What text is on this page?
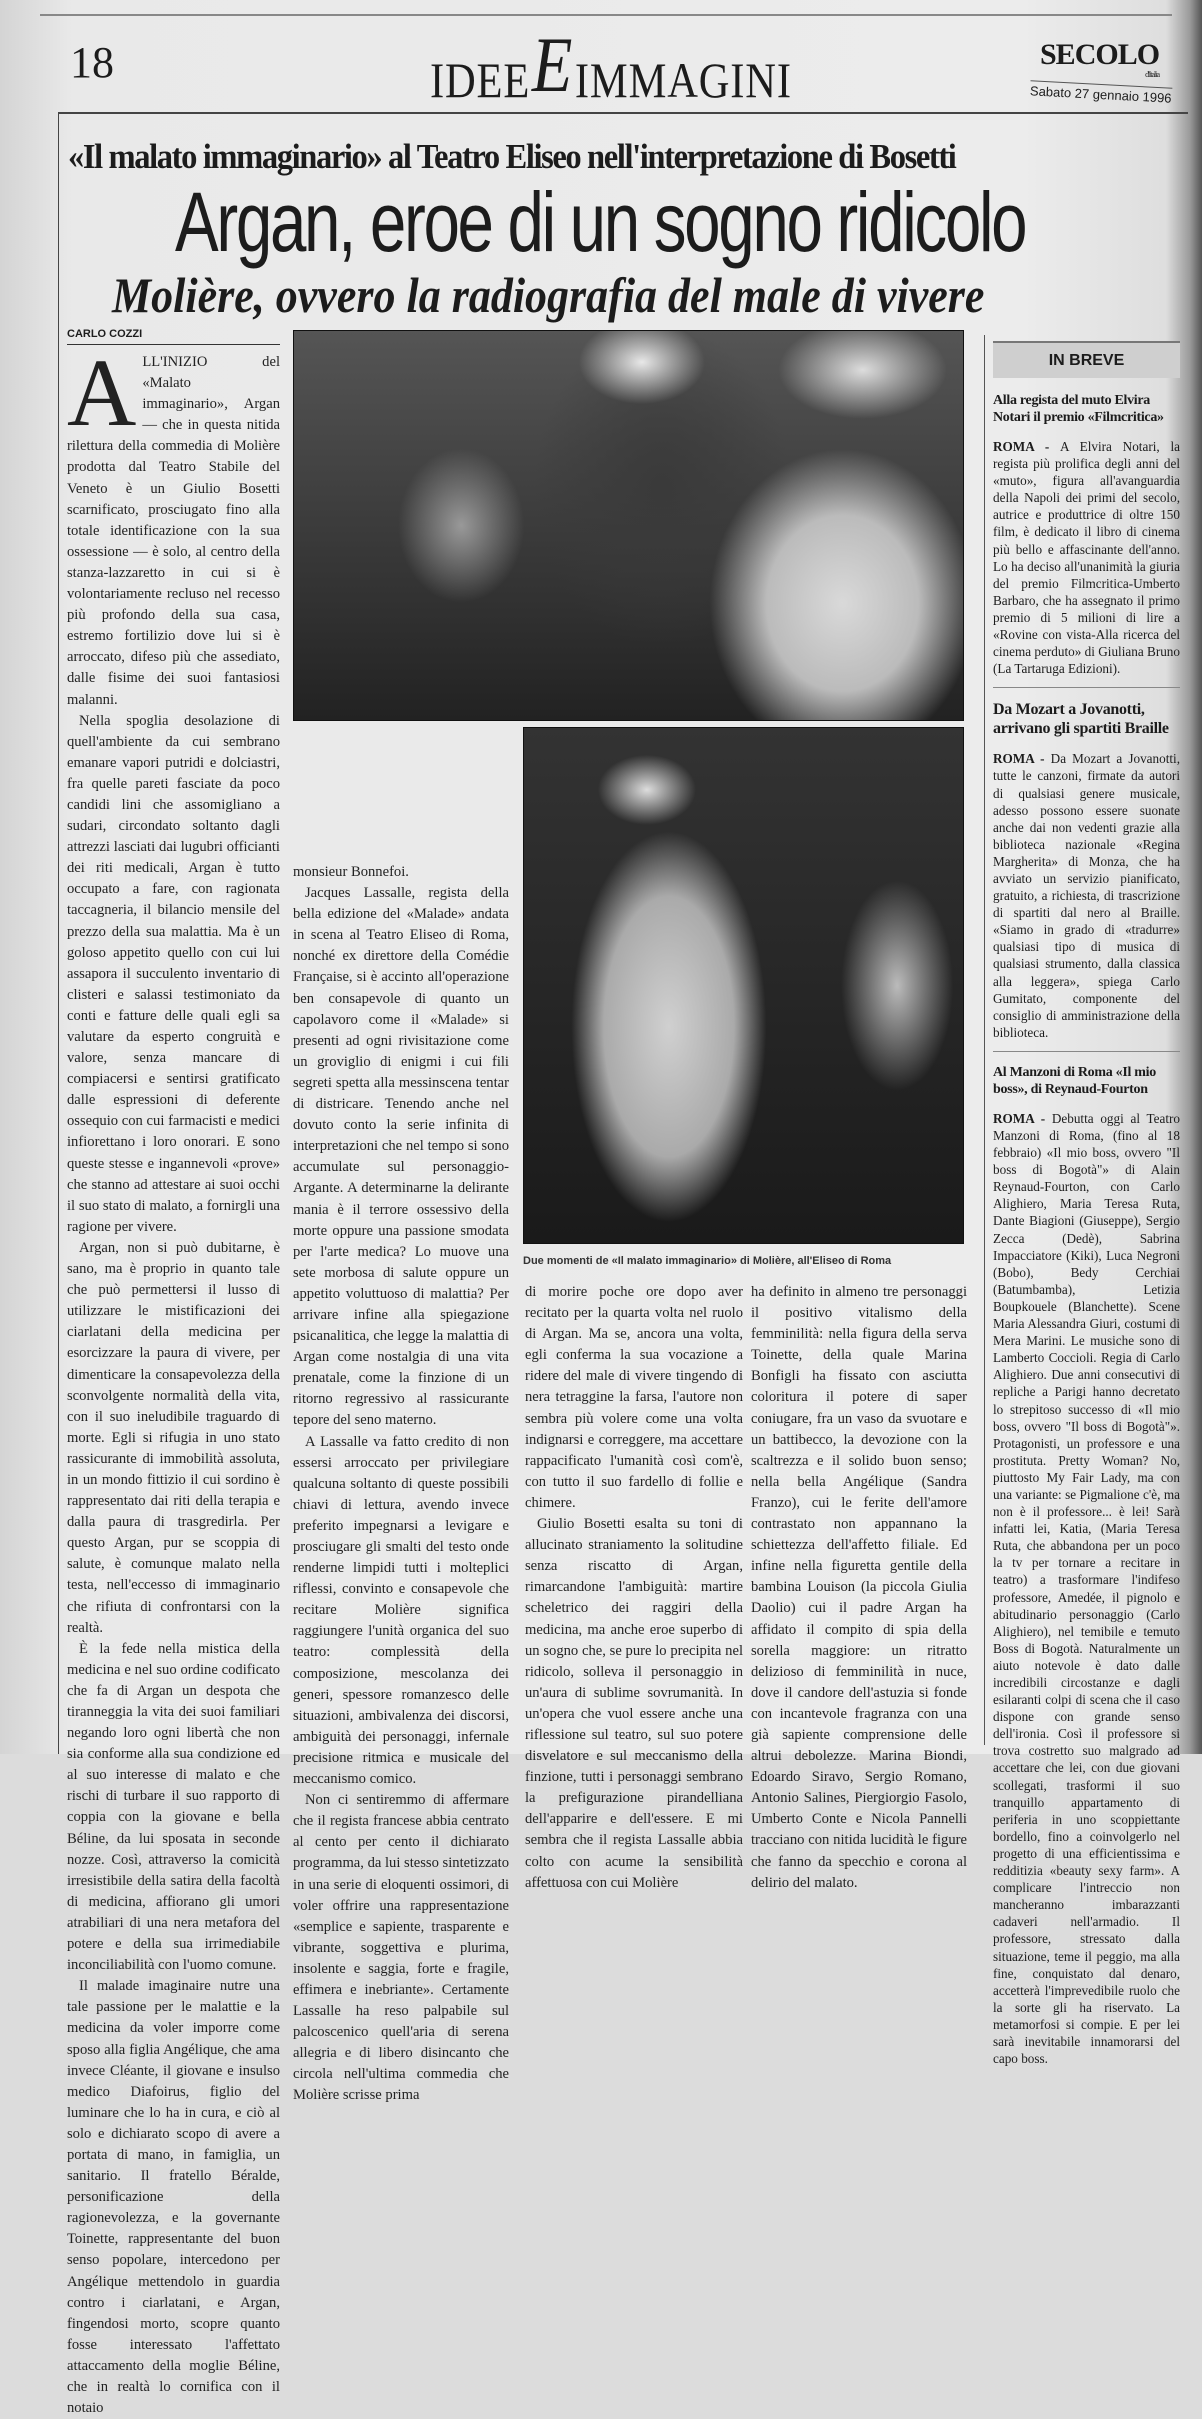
18	IDEEEIMMAGINI	SECOLO
d'Italia
Sabato 27 gennaio 1996
«Il malato immaginario» al Teatro Eliseo nell'interpretazione di Bosetti
Argan, eroe di un sogno ridicolo
Molière, ovvero la radiografia del male di vivere
CARLO COZZI

ALL'INIZIO del «Malato immaginario», Argan — che in questa nitida rilettura della commedia di Molière prodotta dal Teatro Stabile del Veneto è un Giulio Bosetti scarnificato, prosciugato fino alla totale identificazione con la sua ossessione — è solo, al centro della stanza-lazzaretto in cui si è volontariamente recluso nel recesso più profondo della sua casa, estremo fortilizio dove lui si è arroccato, difeso più che assediato, dalle fisime dei suoi fantasiosi malanni.

Nella spoglia desolazione di quell'ambiente da cui sembrano emanare vapori putridi e dolciastri, fra quelle pareti fasciate da poco candidi lini che assomigliano a sudari, circondato soltanto dagli attrezzi lasciati dai lugubri officianti dei riti medicali, Argan è tutto occupato a fare, con ragionata taccagneria, il bilancio mensile del prezzo della sua malattia. Ma è un goloso appetito quello con cui lui assapora il succulento inventario di clisteri e salassi testimoniato da conti e fatture delle quali egli sa valutare da esperto congruità e valore, senza mancare di compiacersi e sentirsi gratificato dalle espressioni di deferente ossequio con cui farmacisti e medici infiorettano i loro onorari. E sono queste stesse e ingannevoli «prove» che stanno ad attestare ai suoi occhi il suo stato di malato, a fornirgli una ragione per vivere.

Argan, non si può dubitarne, è sano, ma è proprio in quanto tale che può permettersi il lusso di utilizzare le mistificazioni dei ciarlatani della medicina per esorcizzare la paura di vivere, per dimenticare la consapevolezza della sconvolgente normalità della vita, con il suo ineludibile traguardo di morte. Egli si rifugia in uno stato rassicurante di immobilità assoluta, in un mondo fittizio il cui sordino è rappresentato dai riti della terapia e dalla paura di trasgredirla. Per questo Argan, pur se scoppia di salute, è comunque malato nella testa, nell'eccesso di immaginario che rifiuta di confrontarsi con la realtà.

È la fede nella mistica della medicina e nel suo ordine codificato che fa di Argan un despota che tiranneggia la vita dei suoi familiari negando loro ogni libertà che non sia conforme alla sua condizione ed al suo interesse di malato e che rischi di turbare il suo rapporto di coppia con la giovane e bella Béline, da lui sposata in seconde nozze. Così, attraverso la comicità irresistibile della satira della facoltà di medicina, affiorano gli umori atrabiliari di una nera metafora del potere e della sua irrimediabile inconciliabilità con l'uomo comune.

Il malade imaginaire nutre una tale passione per le malattie e la medicina da voler imporre come sposo alla figlia Angélique, che ama invece Cléante, il giovane e insulso medico Diafoirus, figlio del luminare che lo ha in cura, e ciò al solo e dichiarato scopo di avere a portata di mano, in famiglia, un sanitario. Il fratello Béralde, personificazione della ragionevolezza, e la governante Toinette, rappresentante del buon senso popolare, intercedono per Angélique mettendolo in guardia contro i ciarlatani, e Argan, fingendosi morto, scopre quanto fosse interessato l'affettato attaccamento della moglie Béline, che in realtà lo cornifica con il notaio

Due momenti de «Il malato immaginario» di Molière, all'Eliseo di Roma

monsieur Bonnefoi.

Jacques Lassalle, regista della bella edizione del «Malade» andata in scena al Teatro Eliseo di Roma, nonché ex direttore della Comédie Française, si è accinto all'operazione ben consapevole di quanto un capolavoro come il «Malade» si presenti ad ogni rivisitazione come un groviglio di enigmi i cui fili segreti spetta alla messinscena tentar di districare. Tenendo anche nel dovuto conto la serie infinita di interpretazioni che nel tempo si sono accumulate sul personaggio-Argante. A determinarne la delirante mania è il terrore ossessivo della morte oppure una passione smodata per l'arte medica? Lo muove una sete morbosa di salute oppure un appetito voluttuoso di malattia? Per arrivare infine alla spiegazione psicanalitica, che legge la malattia di Argan come nostalgia di una vita prenatale, come la finzione di un ritorno regressivo al rassicurante tepore del seno materno.

A Lassalle va fatto credito di non essersi arroccato per privilegiare qualcuna soltanto di queste possibili chiavi di lettura, avendo invece preferito impegnarsi a levigare e prosciugare gli smalti del testo onde renderne limpidi tutti i molteplici riflessi, convinto e consapevole che recitare Molière significa raggiungere l'unità organica del suo teatro: complessità della composizione, mescolanza dei generi, spessore romanzesco delle situazioni, ambivalenza dei discorsi, ambiguità dei personaggi, infernale precisione ritmica e musicale del meccanismo comico.

Non ci sentiremmo di affermare che il regista francese abbia centrato al cento per cento il dichiarato programma, da lui stesso sintetizzato in una serie di eloquenti ossimori, di voler offrire una rappresentazione «semplice e sapiente, trasparente e vibrante, soggettiva e plurima, insolente e saggia, forte e fragile, effimera e inebriante». Certamente Lassalle ha reso palpabile sul palcoscenico quell'aria di serena allegria e di libero disincanto che circola nell'ultima commedia che Molière scrisse prima

di morire poche ore dopo aver recitato per la quarta volta nel ruolo di Argan. Ma se, ancora una volta, egli conferma la sua vocazione a ridere del male di vivere tingendo di nera tetraggine la farsa, l'autore non sembra più volere come una volta indignarsi e correggere, ma accettare rappacificato l'umanità così com'è, con tutto il suo fardello di follie e chimere.

Giulio Bosetti esalta su toni di allucinato straniamento la solitudine senza riscatto di Argan, rimarcandone l'ambiguità: martire scheletrico dei raggiri della medicina, ma anche eroe superbo di un sogno che, se pure lo precipita nel ridicolo, solleva il personaggio in un'aura di sublime sovrumanità. In un'opera che vuol essere anche una riflessione sul teatro, sul suo potere disvelatore e sul meccanismo della finzione, tutti i personaggi sembrano la prefigurazione pirandelliana dell'apparire e dell'essere. E mi sembra che il regista Lassalle abbia colto con acume la sensibilità affettuosa con cui Molière

ha definito in almeno tre personaggi il positivo vitalismo della femminilità: nella figura della serva Toinette, della quale Marina Bonfigli ha fissato con asciutta coloritura il potere di saper coniugare, fra un vaso da svuotare e un battibecco, la devozione con la scaltrezza e il solido buon senso; nella bella Angélique (Sandra Franzo), cui le ferite dell'amore contrastato non appannano la schiettezza dell'affetto filiale. Ed infine nella figuretta gentile della bambina Louison (la piccola Giulia Daolio) cui il padre Argan ha affidato il compito di spia della sorella maggiore: un ritratto delizioso di femminilità in nuce, dove il candore dell'astuzia si fonde con incantevole fragranza con una già sapiente comprensione delle altrui debolezze. Marina Biondi, Edoardo Siravo, Sergio Romano, Antonio Salines, Piergiorgio Fasolo, Umberto Conte e Nicola Pannelli tracciano con nitida lucidità le figure che fanno da specchio e corona al delirio del malato.

IN BREVE
Alla regista del muto Elvira Notari il premio «Filmcritica»

ROMA - A Elvira Notari, la regista più prolifica degli anni del «muto», figura all'avanguardia della Napoli dei primi del secolo, autrice e produttrice di oltre 150 film, è dedicato il libro di cinema più bello e affascinante dell'anno. Lo ha deciso all'unanimità la giuria del premio Filmcritica-Umberto Barbaro, che ha assegnato il primo premio di 5 milioni di lire a «Rovine con vista-Alla ricerca del cinema perduto» di Giuliana Bruno (La Tartaruga Edizioni).

Da Mozart a Jovanotti, arrivano gli spartiti Braille

ROMA - Da Mozart a Jovanotti, tutte le canzoni, firmate da autori di qualsiasi genere musicale, adesso possono essere suonate anche dai non vedenti grazie alla biblioteca nazionale «Regina Margherita» di Monza, che ha avviato un servizio pianificato, gratuito, a richiesta, di trascrizione di spartiti dal nero al Braille. «Siamo in grado di «tradurre» qualsiasi tipo di musica di qualsiasi strumento, dalla classica alla leggera», spiega Carlo Gumitato, componente del consiglio di amministrazione della biblioteca.

Al Manzoni di Roma «Il mio boss», di Reynaud-Fourton

ROMA - Debutta oggi al Teatro Manzoni di Roma, (fino al 18 febbraio) «Il mio boss, ovvero "Il boss di Bogotà"» di Alain Reynaud-Fourton, con Carlo Alighiero, Maria Teresa Ruta, Dante Biagioni (Giuseppe), Sergio Zecca (Dedè), Sabrina Impacciatore (Kiki), Luca Negroni (Bobo), Bedy Cerchiai (Batumbamba), Letizia Boupkouele (Blanchette). Scene Maria Alessandra Giuri, costumi di Mera Marini. Le musiche sono di Lamberto Coccioli. Regia di Carlo Alighiero. Due anni consecutivi di repliche a Parigi hanno decretato lo strepitoso successo di «Il mio boss, ovvero "Il boss di Bogotà"». Protagonisti, un professore e una prostituta. Pretty Woman? No, piuttosto My Fair Lady, ma con una variante: se Pigmalione c'è, ma non è il professore... è lei! Sarà infatti lei, Katia, (Maria Teresa Ruta, che abbandona per un poco la tv per tornare a recitare in teatro) a trasformare l'indifeso professore, Amedée, il pignolo e abitudinario personaggio (Carlo Alighiero), nel temibile e temuto Boss di Bogotà. Naturalmente un aiuto notevole è dato dalle incredibili circostanze e dagli esilaranti colpi di scena che il caso dispone con grande senso dell'ironia. Così il professore si trova costretto suo malgrado ad accettare che lei, con due giovani scollegati, trasformi il suo tranquillo appartamento di periferia in uno scoppiettante bordello, fino a coinvolgerlo nel progetto di una efficientissima e redditizia «beauty sexy farm». A complicare l'intreccio non mancheranno imbarazzanti cadaveri nell'armadio. Il professore, stressato dalla situazione, teme il peggio, ma alla fine, conquistato dal denaro, accetterà l'imprevedibile ruolo che la sorte gli ha riservato. La metamorfosi si compie. E per lei sarà inevitabile innamorarsi del capo boss.
